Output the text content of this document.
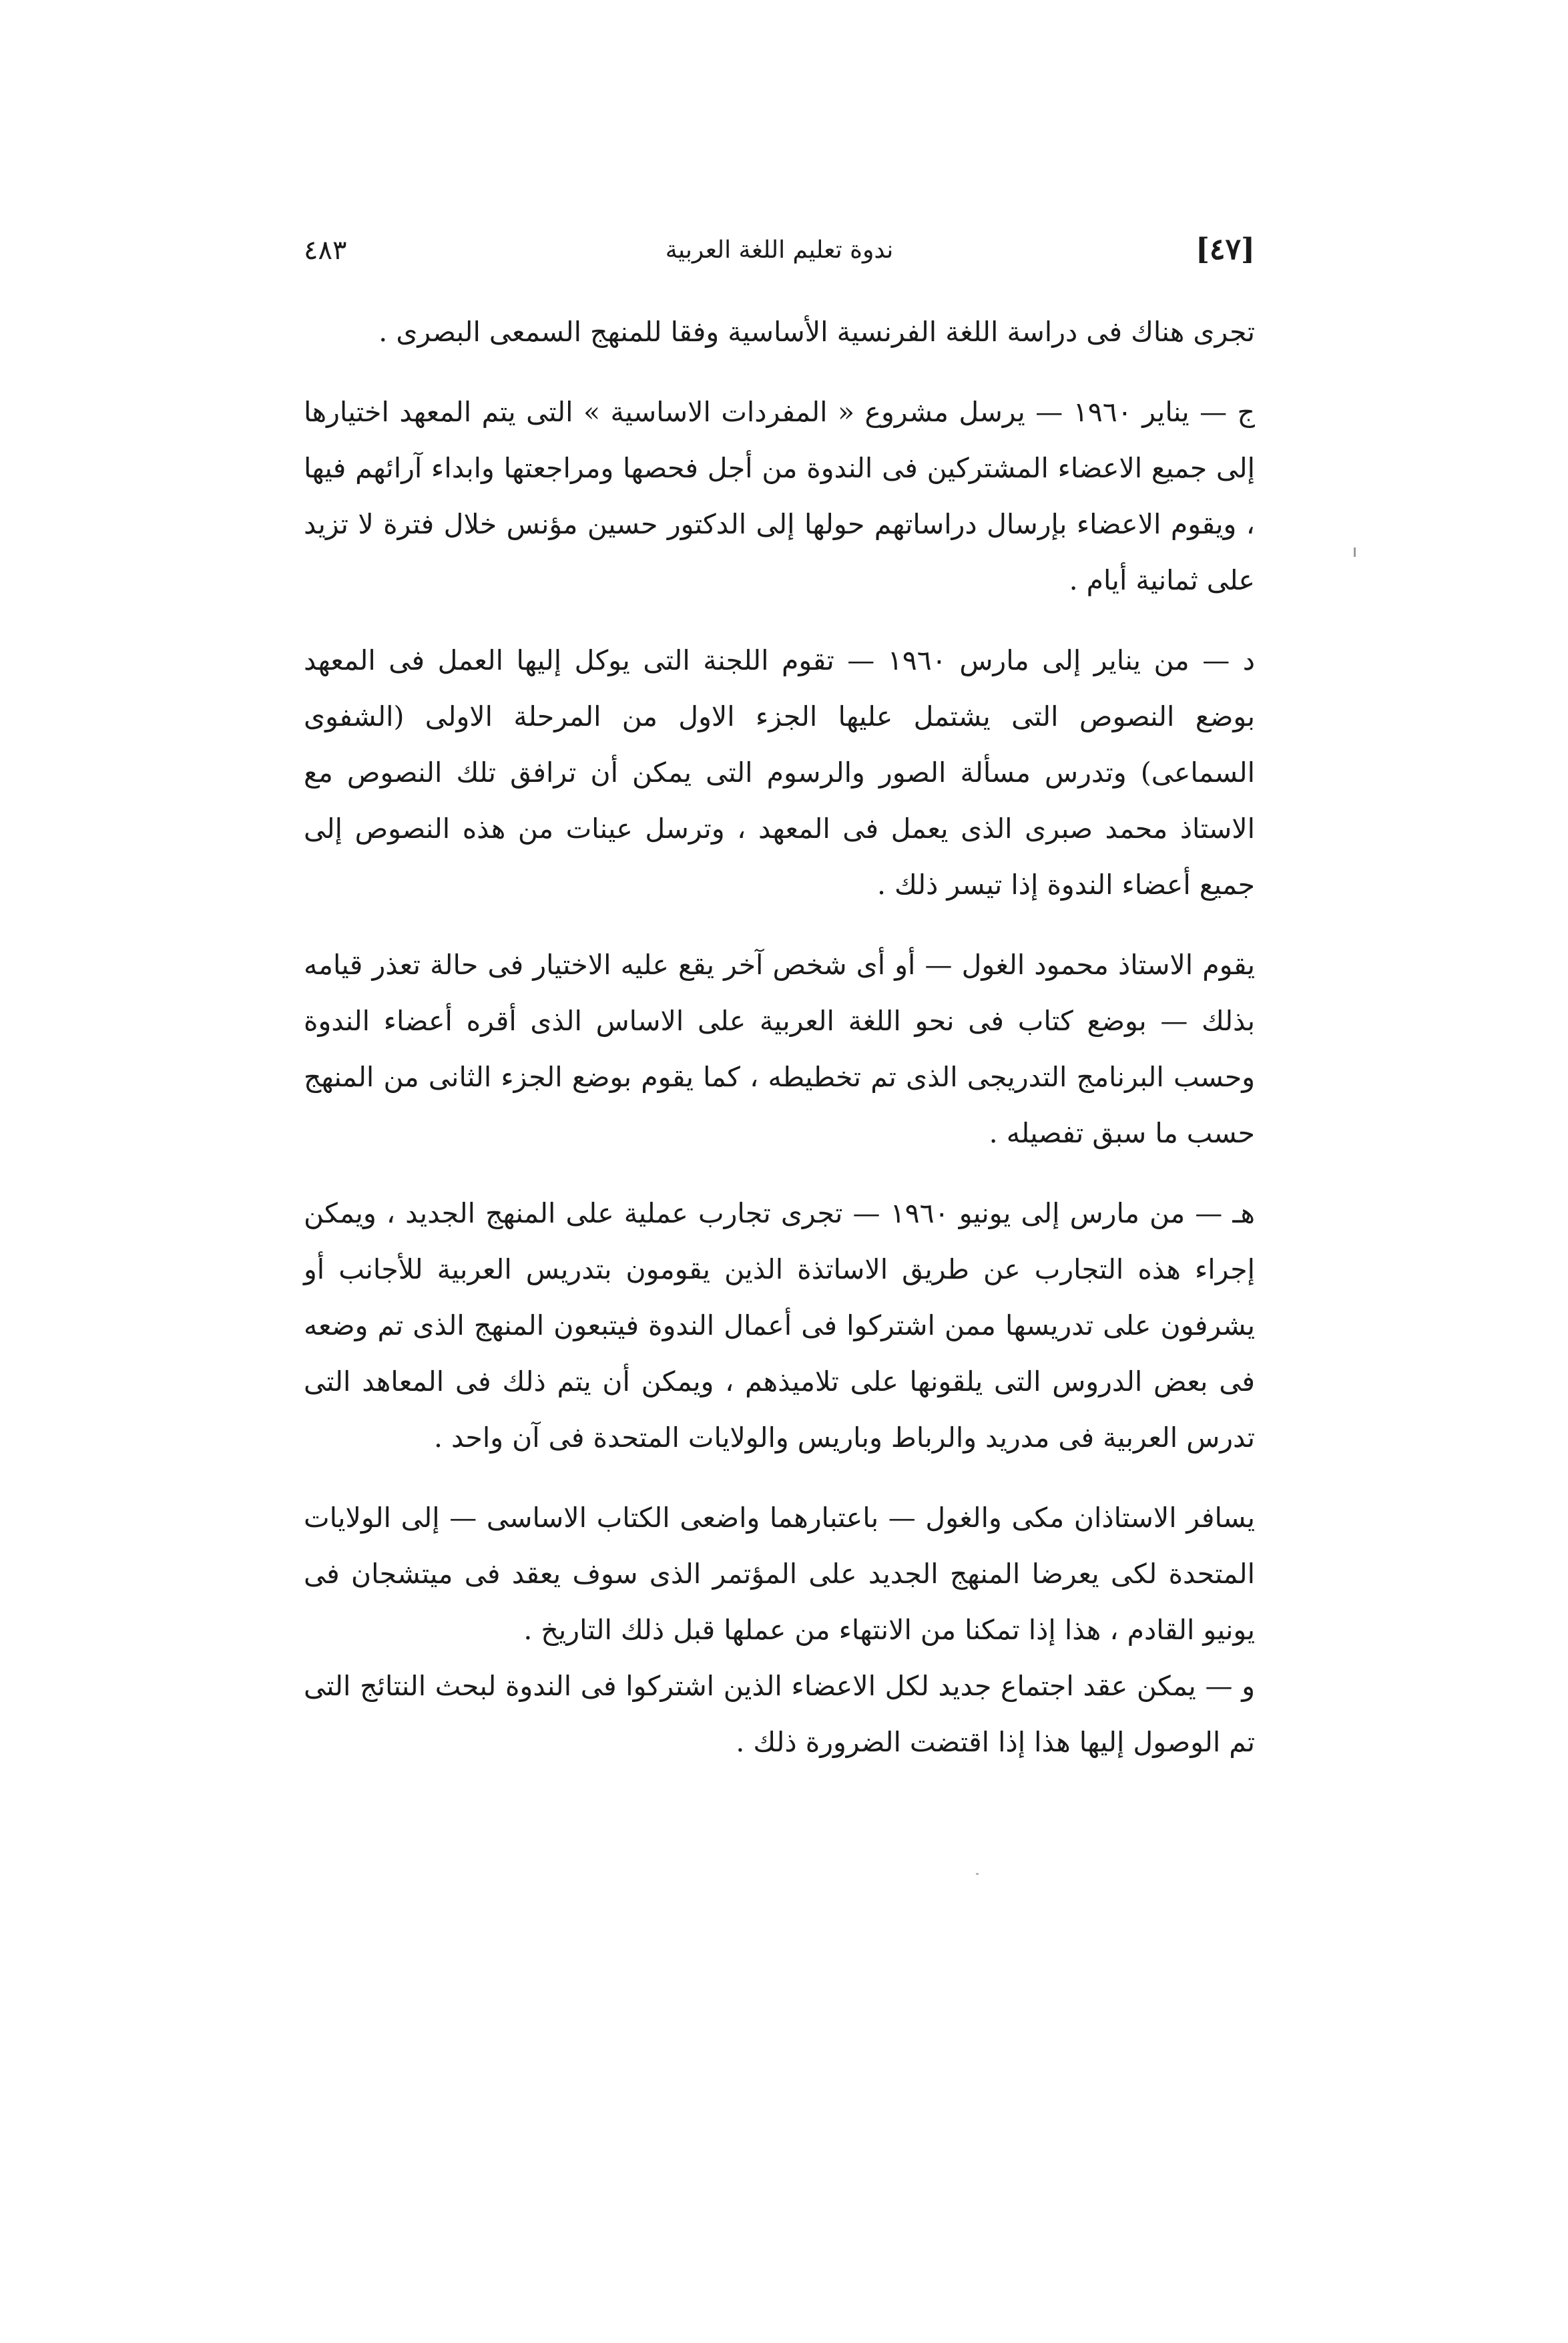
٤٨٣	ندوة تعليم اللغة العربية	[٤٧]

تجرى هناك فى دراسة اللغة الفرنسية الأساسية وفقا للمنهج السمعى البصرى .

ج — يناير ١٩٦٠ — يرسل مشروع « المفردات الاساسية » التى يتم المعهد اختيارها إلى جميع الاعضاء المشتركين فى الندوة من أجل فحصها ومراجعتها وابداء آرائهم فيها ، ويقوم الاعضاء بإرسال دراساتهم حولها إلى الدكتور حسين مؤنس خلال فترة لا تزيد على ثمانية أيام .

د — من يناير إلى مارس ١٩٦٠ — تقوم اللجنة التى يوكل إليها العمل فى المعهد بوضع النصوص التى يشتمل عليها الجزء الاول من المرحلة الاولى (الشفوى السماعى) وتدرس مسألة الصور والرسوم التى يمكن أن ترافق تلك النصوص مع الاستاذ محمد صبرى الذى يعمل فى المعهد ، وترسل عينات من هذه النصوص إلى جميع أعضاء الندوة إذا تيسر ذلك .

يقوم الاستاذ محمود الغول — أو أى شخص آخر يقع عليه الاختيار فى حالة تعذر قيامه بذلك — بوضع كتاب فى نحو اللغة العربية على الاساس الذى أقره أعضاء الندوة وحسب البرنامج التدريجى الذى تم تخطيطه ، كما يقوم بوضع الجزء الثانى من المنهج حسب ما سبق تفصيله .

هـ — من مارس إلى يونيو ١٩٦٠ — تجرى تجارب عملية على المنهج الجديد ، ويمكن إجراء هذه التجارب عن طريق الاساتذة الذين يقومون بتدريس العربية للأجانب أو يشرفون على تدريسها ممن اشتركوا فى أعمال الندوة فيتبعون المنهج الذى تم وضعه فى بعض الدروس التى يلقونها على تلاميذهم ، ويمكن أن يتم ذلك فى المعاهد التى تدرس العربية فى مدريد والرباط وباريس والولايات المتحدة فى آن واحد .

يسافر الاستاذان مكى والغول — باعتبارهما واضعى الكتاب الاساسى — إلى الولايات المتحدة لكى يعرضا المنهج الجديد على المؤتمر الذى سوف يعقد فى ميتشجان فى يونيو القادم ، هذا إذا تمكنا من الانتهاء من عملها قبل ذلك التاريخ .

و — يمكن عقد اجتماع جديد لكل الاعضاء الذين اشتركوا فى الندوة لبحث النتائج التى تم الوصول إليها هذا إذا اقتضت الضرورة ذلك .
